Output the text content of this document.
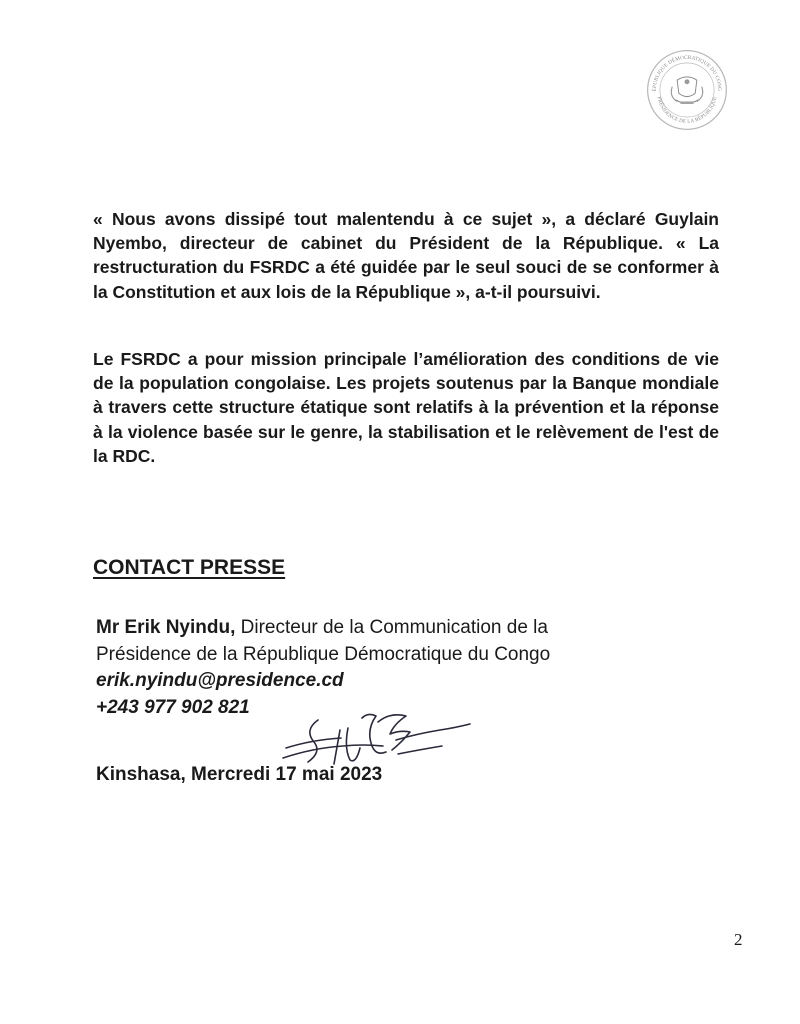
ÉPUBLIQUE DÉMOCRATIQUE DU CONG
PRÉSIDENCE DE LA RÉPUBLIQUE

« Nous avons dissipé tout malentendu à ce sujet », a déclaré Guylain Nyembo, directeur de cabinet du Président de la République. « La restructuration du FSRDC a été guidée par le seul souci de se conformer à la Constitution et aux lois de la République », a-t-il poursuivi.

Le FSRDC a pour mission principale l’amélioration des conditions de vie de la population congolaise. Les projets soutenus par la Banque mondiale à travers cette structure étatique sont relatifs à la prévention et la réponse à la violence basée sur le genre, la stabilisation et le relèvement de l'est de la RDC.

CONTACT PRESSE
Mr Erik Nyindu, Directeur de la Communication de la
Présidence de la République Démocratique du Congo
erik.nyindu@presidence.cd
+243 977 902 821

Kinshasa, Mercredi 17 mai 2023

2
